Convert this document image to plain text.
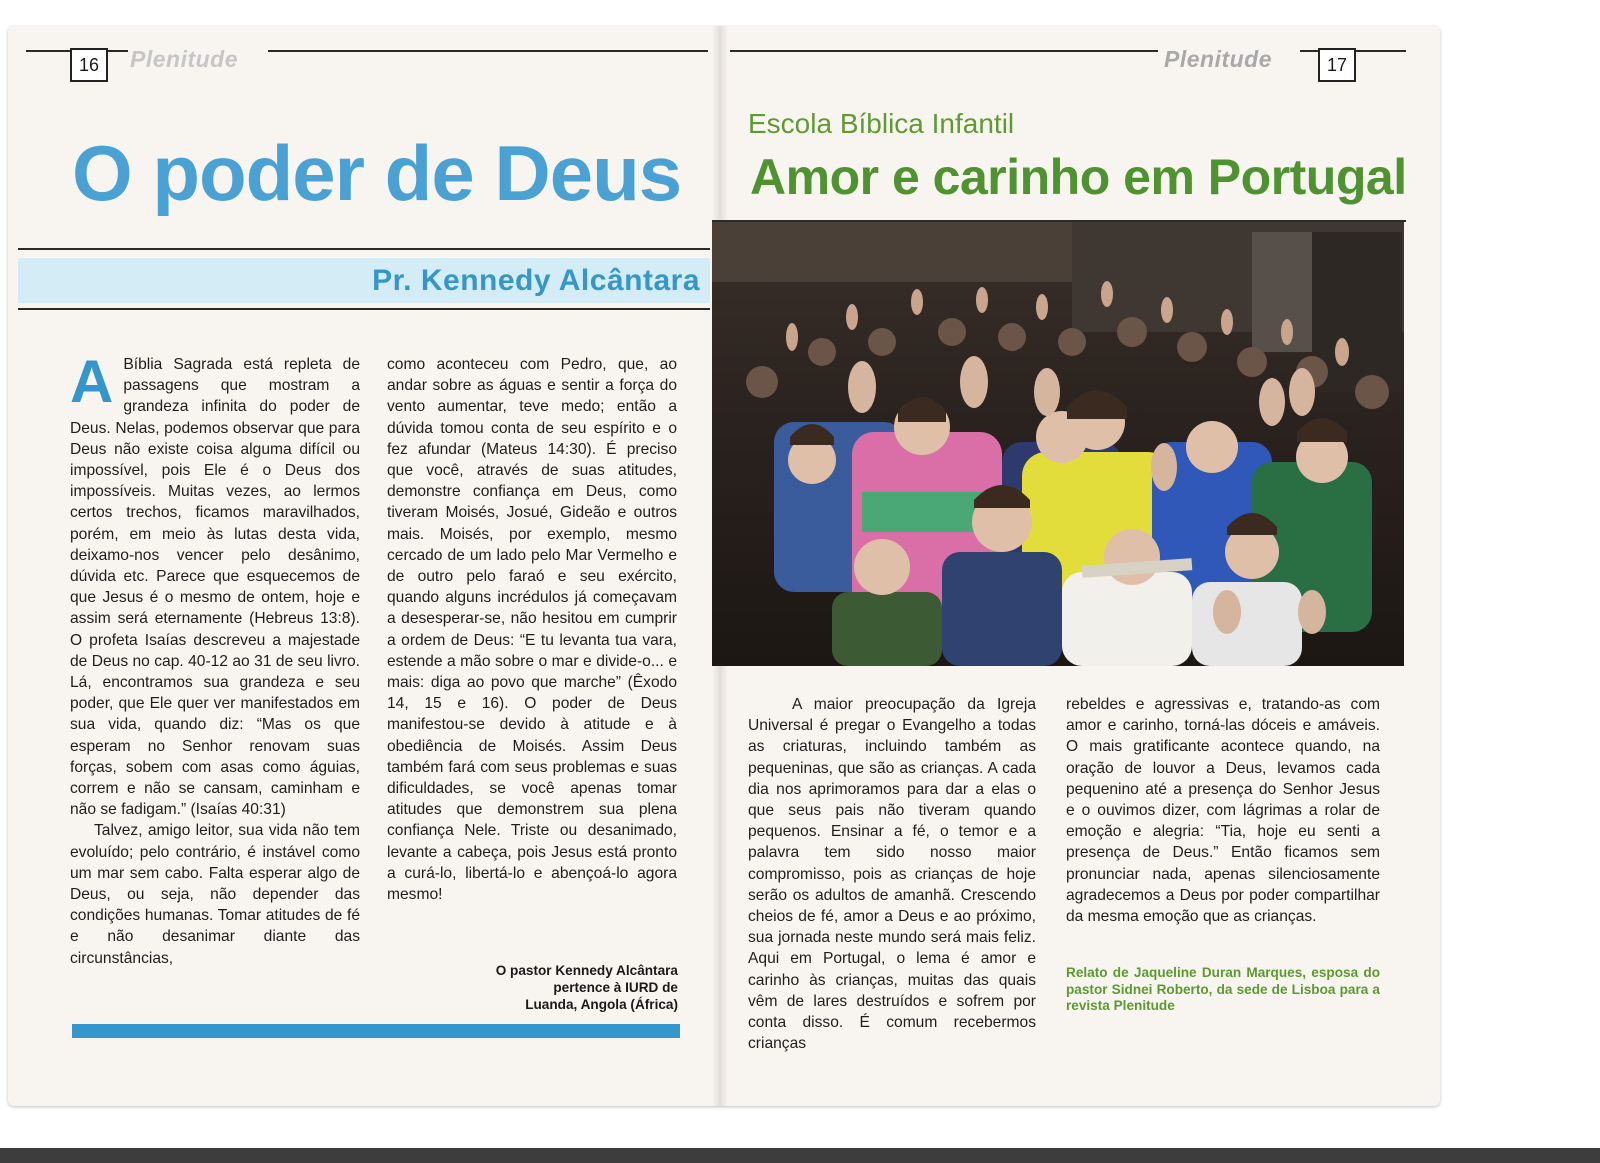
16	Plenitude
O poder de Deus
Pr. Kennedy Alcântara

A Bíblia Sagrada está repleta de passagens que mostram a grandeza infinita do poder de Deus. Nelas, podemos observar que para Deus não existe coisa alguma difícil ou impossível, pois Ele é o Deus dos impossíveis. Muitas vezes, ao lermos certos trechos, ficamos maravilhados, porém, em meio às lutas desta vida, deixamo-nos vencer pelo desânimo, dúvida etc. Parece que esquecemos de que Jesus é o mesmo de ontem, hoje e assim será eternamente (Hebreus 13:8). O profeta Isaías descreveu a majestade de Deus no cap. 40-12 ao 31 de seu livro. Lá, encontramos sua grandeza e seu poder, que Ele quer ver manifestados em sua vida, quando diz: “Mas os que esperam no Senhor renovam suas forças, sobem com asas como águias, correm e não se cansam, caminham e não se fadigam.” (Isaías 40:31)

Talvez, amigo leitor, sua vida não tem evoluído; pelo contrário, é instável como um mar sem cabo. Falta esperar algo de Deus, ou seja, não depender das condições humanas. Tomar atitudes de fé e não desanimar diante das circunstâncias,

como aconteceu com Pedro, que, ao andar sobre as águas e sentir a força do vento aumentar, teve medo; então a dúvida tomou conta de seu espírito e o fez afundar (Mateus 14:30). É preciso que você, através de suas atitudes, demonstre confiança em Deus, como tiveram Moisés, Josué, Gideão e outros mais. Moisés, por exemplo, mesmo cercado de um lado pelo Mar Vermelho e de outro pelo faraó e seu exército, quando alguns incrédulos já começavam a desesperar-se, não hesitou em cumprir a ordem de Deus: “E tu levanta tua vara, estende a mão sobre o mar e divide-o... e mais: diga ao povo que marche” (Êxodo 14, 15 e 16). O poder de Deus manifestou-se devido à atitude e à obediência de Moisés. Assim Deus também fará com seus problemas e suas dificuldades, se você apenas tomar atitudes que demonstrem sua plena confiança Nele. Triste ou desanimado, levante a cabeça, pois Jesus está pronto a curá-lo, libertá-lo e abençoá-lo agora mesmo!

O pastor Kennedy Alcântara
pertence à IURD de
Luanda, Angola (África)
Plenitude	17
Escola Bíblica Infantil
Amor e carinho em Portugal

A maior preocupação da Igreja Universal é pregar o Evangelho a todas as criaturas, incluindo também as pequeninas, que são as crianças. A cada dia nos aprimoramos para dar a elas o que seus pais não tiveram quando pequenos. Ensinar a fé, o temor e a palavra tem sido nosso maior compromisso, pois as crianças de hoje serão os adultos de amanhã. Crescendo cheios de fé, amor a Deus e ao próximo, sua jornada neste mundo será mais feliz. Aqui em Portugal, o lema é amor e carinho às crianças, muitas das quais vêm de lares destruídos e sofrem por conta disso. É comum recebermos crianças

rebeldes e agressivas e, tratando-as com amor e carinho, torná-las dóceis e amáveis. O mais gratificante acontece quando, na oração de louvor a Deus, levamos cada pequenino até a presença do Senhor Jesus e o ouvimos dizer, com lágrimas a rolar de emoção e alegria: “Tia, hoje eu senti a presença de Deus.” Então ficamos sem pronunciar nada, apenas silenciosamente agradecemos a Deus por poder compartilhar da mesma emoção que as crianças.

Relato de Jaqueline Duran Marques, esposa do pastor Sidnei Roberto, da sede de Lisboa para a revista Plenitude
